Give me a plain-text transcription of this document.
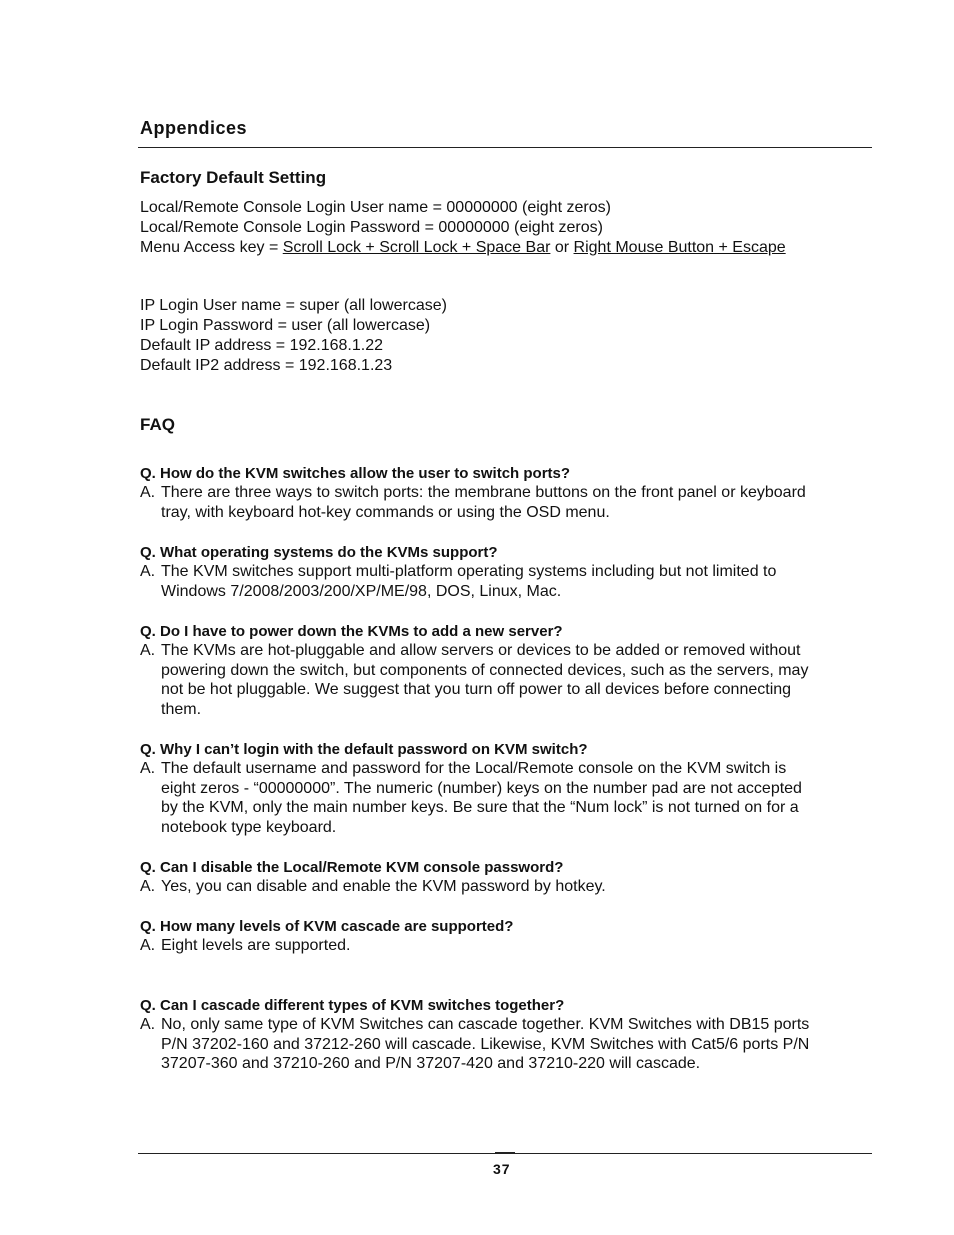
Appendices
Factory Default Setting
Local/Remote Console Login User name = 00000000 (eight zeros)
Local/Remote Console Login Password = 00000000 (eight zeros)
Menu Access key = Scroll Lock + Scroll Lock + Space Bar or Right Mouse Button + Escape
IP Login User name = super (all lowercase)
IP Login Password = user (all lowercase)
Default IP address = 192.168.1.22
Default IP2 address = 192.168.1.23
FAQ
Q. How do the KVM switches allow the user to switch ports?
A. There are three ways to switch ports: the membrane buttons on the front panel or keyboard
tray, with keyboard hot-key commands or using the OSD menu.
Q. What operating systems do the KVMs support?
A. The KVM switches support multi-platform operating systems including but not limited to
Windows 7/2008/2003/200/XP/ME/98, DOS, Linux, Mac.
Q. Do I have to power down the KVMs to add a new server?
A. The KVMs are hot-pluggable and allow servers or devices to be added or removed without
powering down the switch, but components of connected devices, such as the servers, may
not be hot pluggable. We suggest that you turn off power to all devices before connecting
them.
Q. Why I can’t login with the default password on KVM switch?
A. The default username and password for the Local/Remote console on the KVM switch is
eight zeros - “00000000”. The numeric (number) keys on the number pad are not accepted
by the KVM, only the main number keys. Be sure that the “Num lock” is not turned on for a
notebook type keyboard.
Q. Can I disable the Local/Remote KVM console password?
A. Yes, you can disable and enable the KVM password by hotkey.
Q. How many levels of KVM cascade are supported?
A. Eight levels are supported.
Q. Can I cascade different types of KVM switches together?
A. No, only same type of KVM Switches can cascade together. KVM Switches with DB15 ports
P/N 37202-160 and 37212-260 will cascade. Likewise, KVM Switches with Cat5/6 ports P/N
37207-360 and 37210-260 and P/N 37207-420 and 37210-220 will cascade.
37
